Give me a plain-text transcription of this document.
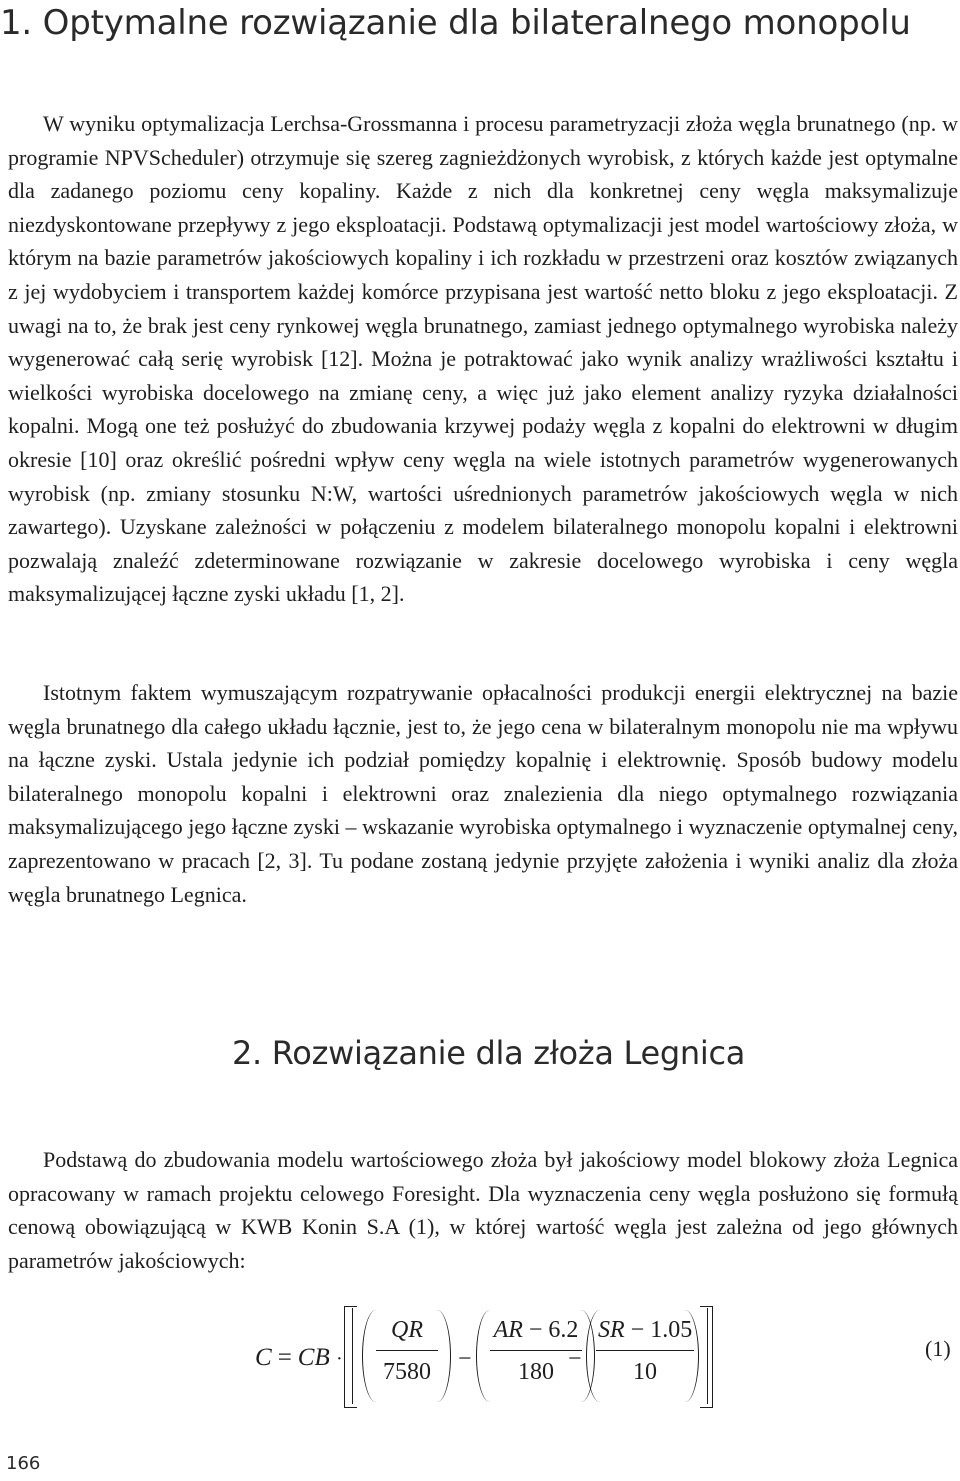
1. Optymalne rozwiązanie dla bilateralnego monopolu

W wyniku optymalizacja Lerchsa-Grossmanna i procesu parametryzacji złoża węgla brunatnego (np. w programie NPVScheduler) otrzymuje się szereg zagnieżdżonych wyrobisk, z których każde jest optymalne dla zadanego poziomu ceny kopaliny. Każde z nich dla konkretnej ceny węgla maksymalizuje niezdyskontowane przepływy z jego eksploatacji. Podstawą optymalizacji jest model wartościowy złoża, w którym na bazie parametrów jakościowych kopaliny i ich rozkładu w przestrzeni oraz kosztów związanych z jej wydobyciem i transportem każdej komórce przypisana jest wartość netto bloku z jego eksploatacji. Z uwagi na to, że brak jest ceny rynkowej węgla brunatnego, zamiast jednego optymalnego wyrobiska należy wygenerować całą serię wyrobisk [12]. Można je potraktować jako wynik analizy wrażliwości kształtu i wielkości wyrobiska docelowego na zmianę ceny, a więc już jako element analizy ryzyka działalności kopalni. Mogą one też posłużyć do zbudowania krzywej podaży węgla z kopalni do elektrowni w długim okresie [10] oraz określić pośredni wpływ ceny węgla na wiele istotnych parametrów wygenerowanych wyrobisk (np. zmiany stosunku N:W, wartości uśrednionych parametrów jakościowych węgla w nich zawartego). Uzyskane zależności w połączeniu z modelem bilateralnego monopolu kopalni i elektrowni pozwalają znaleźć zdeterminowane rozwiązanie w zakresie docelowego wyrobiska i ceny węgla maksymalizującej łączne zyski układu [1, 2].

Istotnym faktem wymuszającym rozpatrywanie opłacalności produkcji energii elektrycznej na bazie węgla brunatnego dla całego układu łącznie, jest to, że jego cena w bilateralnym monopolu nie ma wpływu na łączne zyski. Ustala jedynie ich podział pomiędzy kopalnię i elektrownię. Sposób budowy modelu bilateralnego monopolu kopalni i elektrowni oraz znalezienia dla niego optymalnego rozwiązania maksymalizującego jego łączne zyski – wskazanie wyrobiska optymalnego i wyznaczenie optymalnej ceny, zaprezentowano w pracach [2, 3]. Tu podane zostaną jedynie przyjęte założenia i wyniki analiz dla złoża węgla brunatnego Legnica.

2. Rozwiązanie dla złoża Legnica

Podstawą do zbudowania modelu wartościowego złoża był jakościowy model blokowy złoża Legnica opracowany w ramach projektu celowego Foresight. Dla wyznaczenia ceny węgla posłużono się formułą cenową obowiązującą w KWB Konin S.A (1), w której wartość węgla jest zależna od jego głównych parametrów jakościowych:

C = CB ·
QR
7580 −
AR − 6.2
180 −
SR − 1.05
10
(1)
166
